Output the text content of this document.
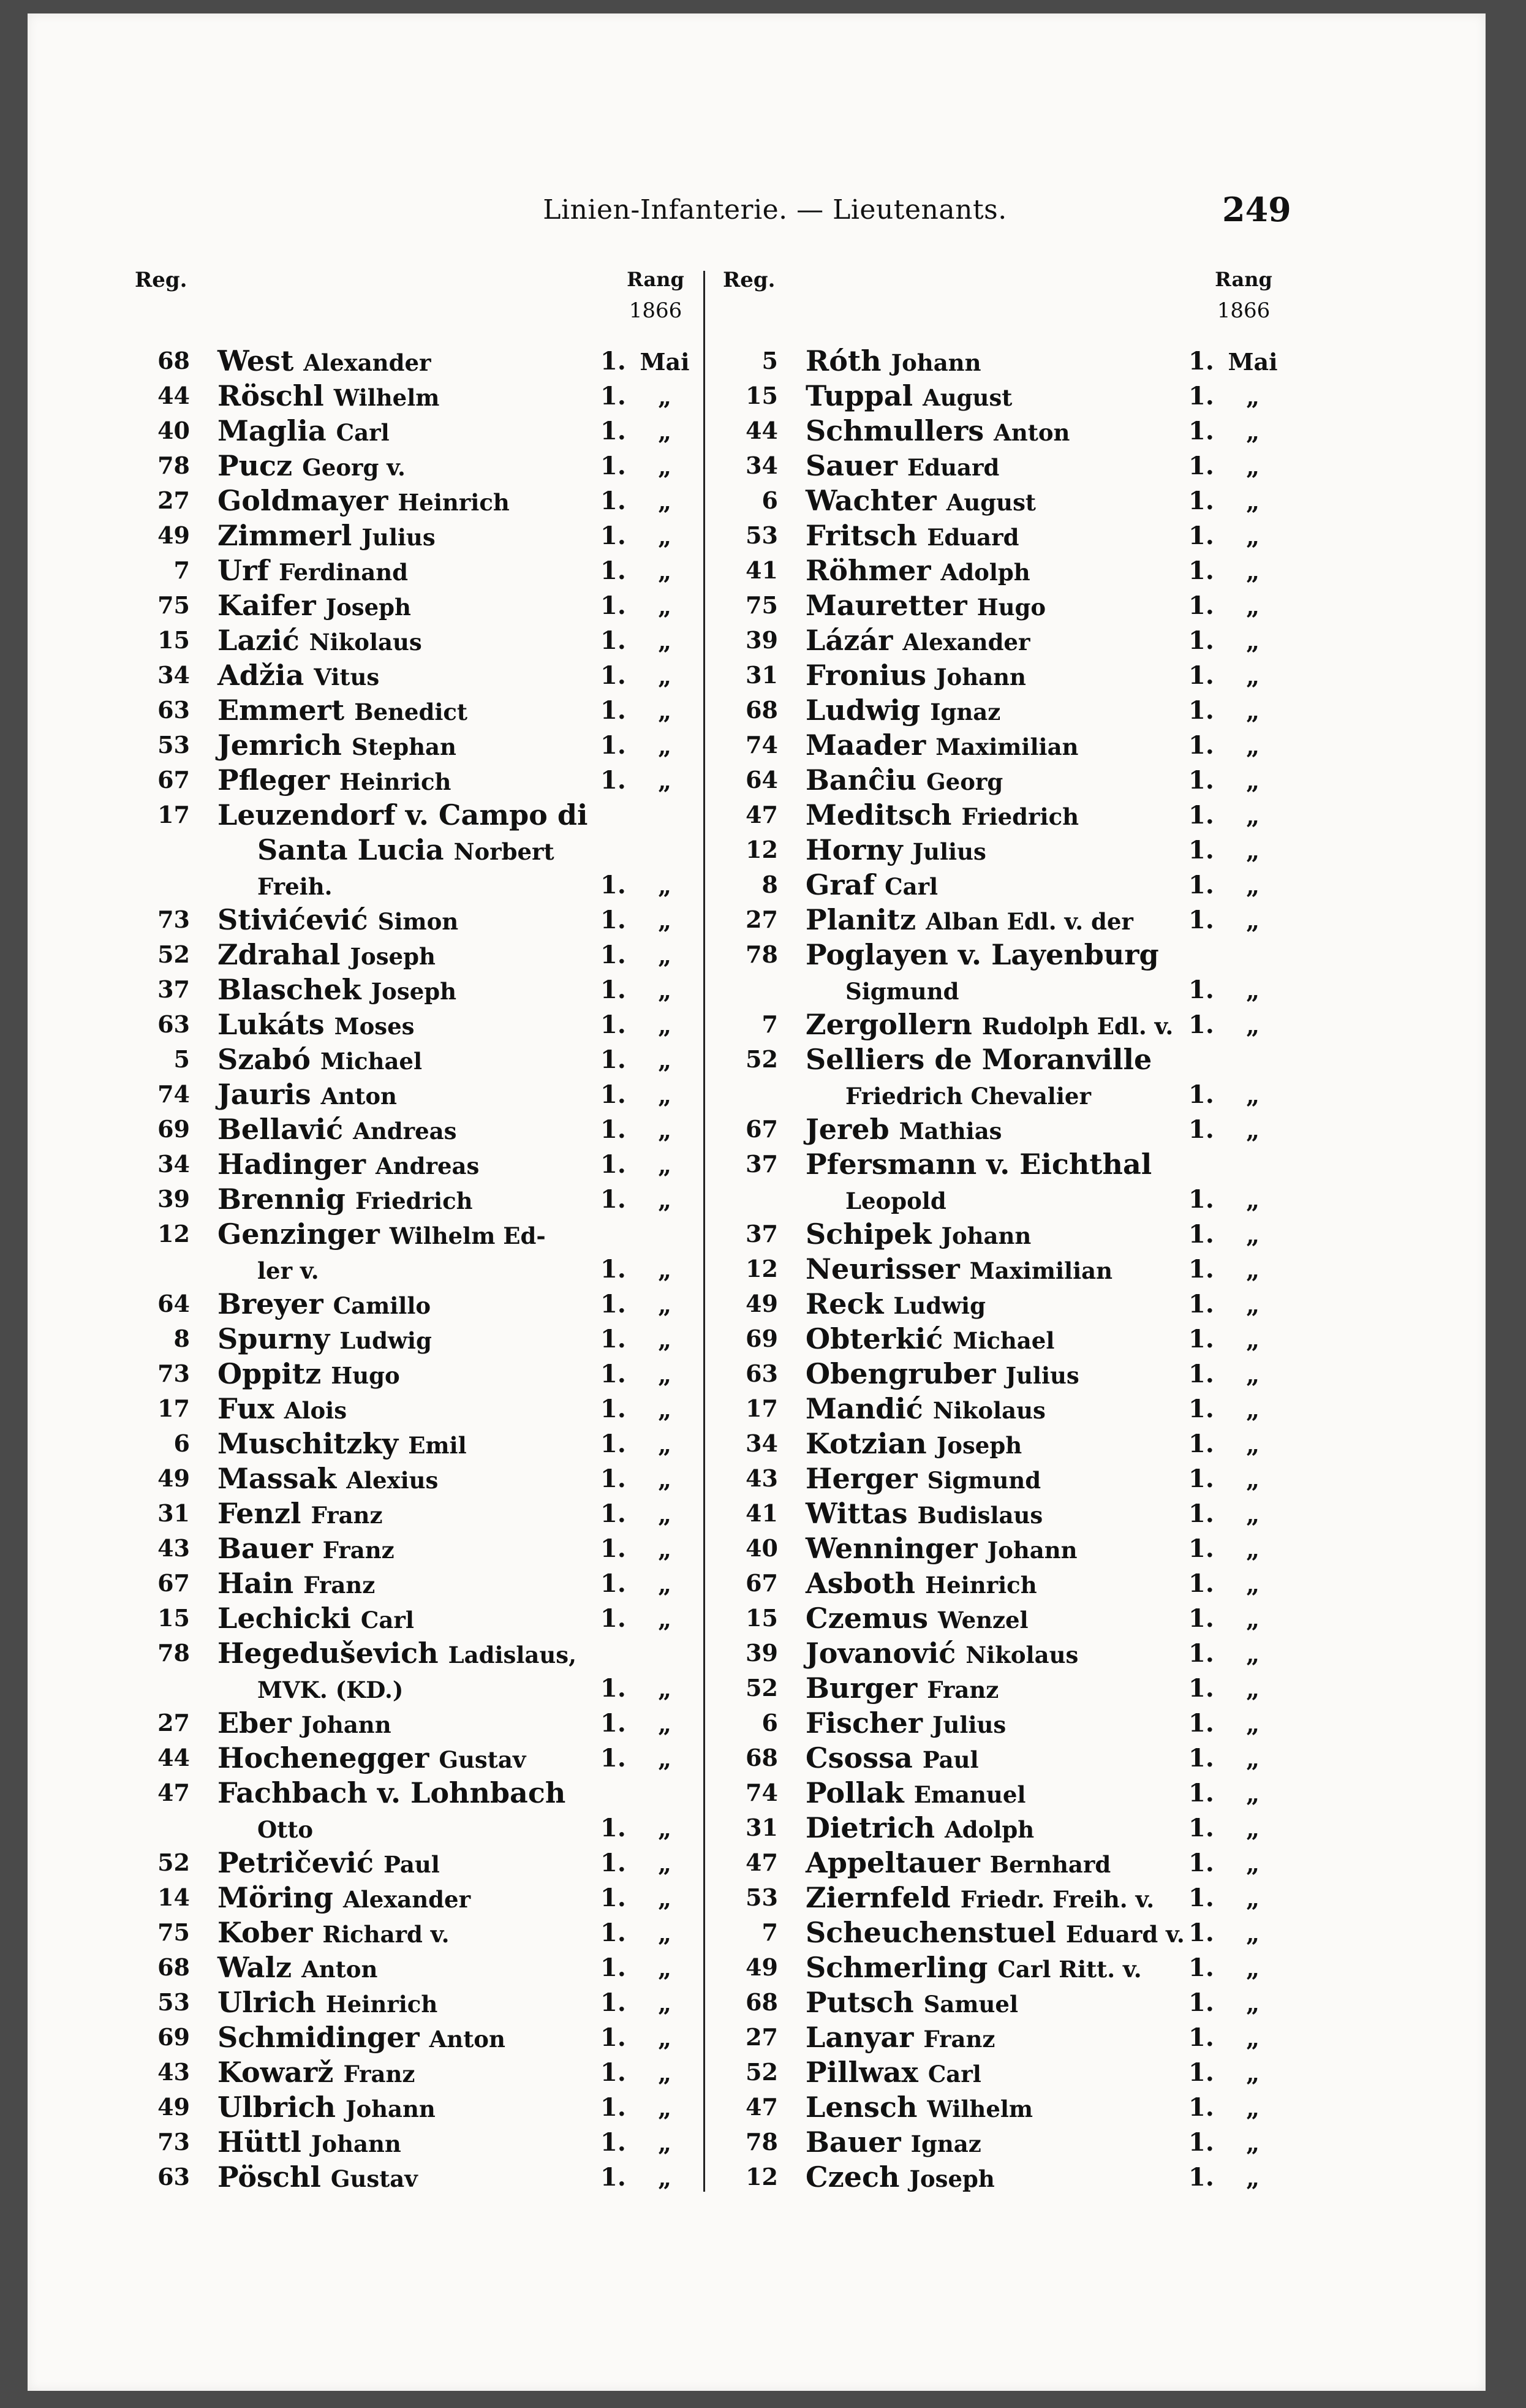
Linien-Infanterie. — Lieutenants.	249
Reg.	Rang
1866
68 West Alexander	1. Mai
44 Röschl Wilhelm	1.	„
40 Maglia Carl	1.	„
78 Pucz Georg v.	1.	„
27 Goldmayer Heinrich	1.	„
49 Zimmerl Julius	1.	„
7 Urf Ferdinand	1.	„
75 Kaifer Joseph	1.	„
15 Lazić Nikolaus	1.	„
34 Adžia Vitus	1.	„
63 Emmert Benedict	1.	„
53 Jemrich Stephan	1.	„
67 Pfleger Heinrich	1.	„
17 Leuzendorf v. Campo di
Santa Lucia Norbert
Freih.	1.	„
73 Stivićević Simon	1.	„
52 Zdrahal Joseph	1.	„
37 Blaschek Joseph	1.	„
63 Lukáts Moses	1.	„
5 Szabó Michael	1.	„
74 Jauris Anton	1.	„
69 Bellavić Andreas	1.	„
34 Hadinger Andreas	1.	„
39 Brennig Friedrich	1.	„
12 Genzinger Wilhelm Ed-
ler v.	1.	„
64 Breyer Camillo	1.	„
8 Spurny Ludwig	1.	„
73 Oppitz Hugo	1.	„
17 Fux Alois	1.	„
6 Muschitzky Emil	1.	„
49 Massak Alexius	1.	„
31 Fenzl Franz	1.	„
43 Bauer Franz	1.	„
67 Hain Franz	1.	„
15 Lechicki Carl	1.	„
78 Hegeduševich Ladislaus,
MVK. (KD.)	1.	„
27 Eber Johann	1.	„
44 Hochenegger Gustav	1.	„
47 Fachbach v. Lohnbach
Otto	1.	„
52 Petričević Paul	1.	„
14 Möring Alexander	1.	„
75 Kober Richard v.	1.	„
68 Walz Anton	1.	„
53 Ulrich Heinrich	1.	„
69 Schmidinger Anton	1.	„
43 Kowarž Franz	1.	„
49 Ulbrich Johann	1.	„
73 Hüttl Johann	1.	„
63 Pöschl Gustav	1.	„
Reg.	Rang
1866
5 Róth Johann	1. Mai
15 Tuppal August	1.	„
44 Schmullers Anton	1.	„
34 Sauer Eduard	1.	„
6 Wachter August	1.	„
53 Fritsch Eduard	1.	„
41 Röhmer Adolph	1.	„
75 Mauretter Hugo	1.	„
39 Lázár Alexander	1.	„
31 Fronius Johann	1.	„
68 Ludwig Ignaz	1.	„
74 Maader Maximilian	1.	„
64 Banĉiu Georg	1.	„
47 Meditsch Friedrich	1.	„
12 Horny Julius	1.	„
8 Graf Carl	1.	„
27 Planitz Alban Edl. v. der 1.	„
78 Poglayen v. Layenburg
Sigmund	1.	„
7 Zergollern Rudolph Edl. v. 1.	„
52 Selliers de Moranville
Friedrich Chevalier	1.	„
67 Jereb Mathias	1.	„
37 Pfersmann v. Eichthal
Leopold	1.	„
37 Schipek Johann	1.	„
12 Neurisser Maximilian	1.	„
49 Reck Ludwig	1.	„
69 Obterkić Michael	1.	„
63 Obengruber Julius	1.	„
17 Mandić Nikolaus	1.	„
34 Kotzian Joseph	1.	„
43 Herger Sigmund	1.	„
41 Wittas Budislaus	1.	„
40 Wenninger Johann	1.	„
67 Asboth Heinrich	1.	„
15 Czemus Wenzel	1.	„
39 Jovanović Nikolaus	1.	„
52 Burger Franz	1.	„
6 Fischer Julius	1.	„
68 Csossa Paul	1.	„
74 Pollak Emanuel	1.	„
31 Dietrich Adolph	1.	„
47 Appeltauer Bernhard	1.	„
53 Ziernfeld Friedr. Freih. v. 1.	„
7 Scheuchenstuel Eduard v. 1.	„
49 Schmerling Carl Ritt. v. 1.	„
68 Putsch Samuel	1.	„
27 Lanyar Franz	1.	„
52 Pillwax Carl	1.	„
47 Lensch Wilhelm	1.	„
78 Bauer Ignaz	1.	„
12 Czech Joseph	1.	„
